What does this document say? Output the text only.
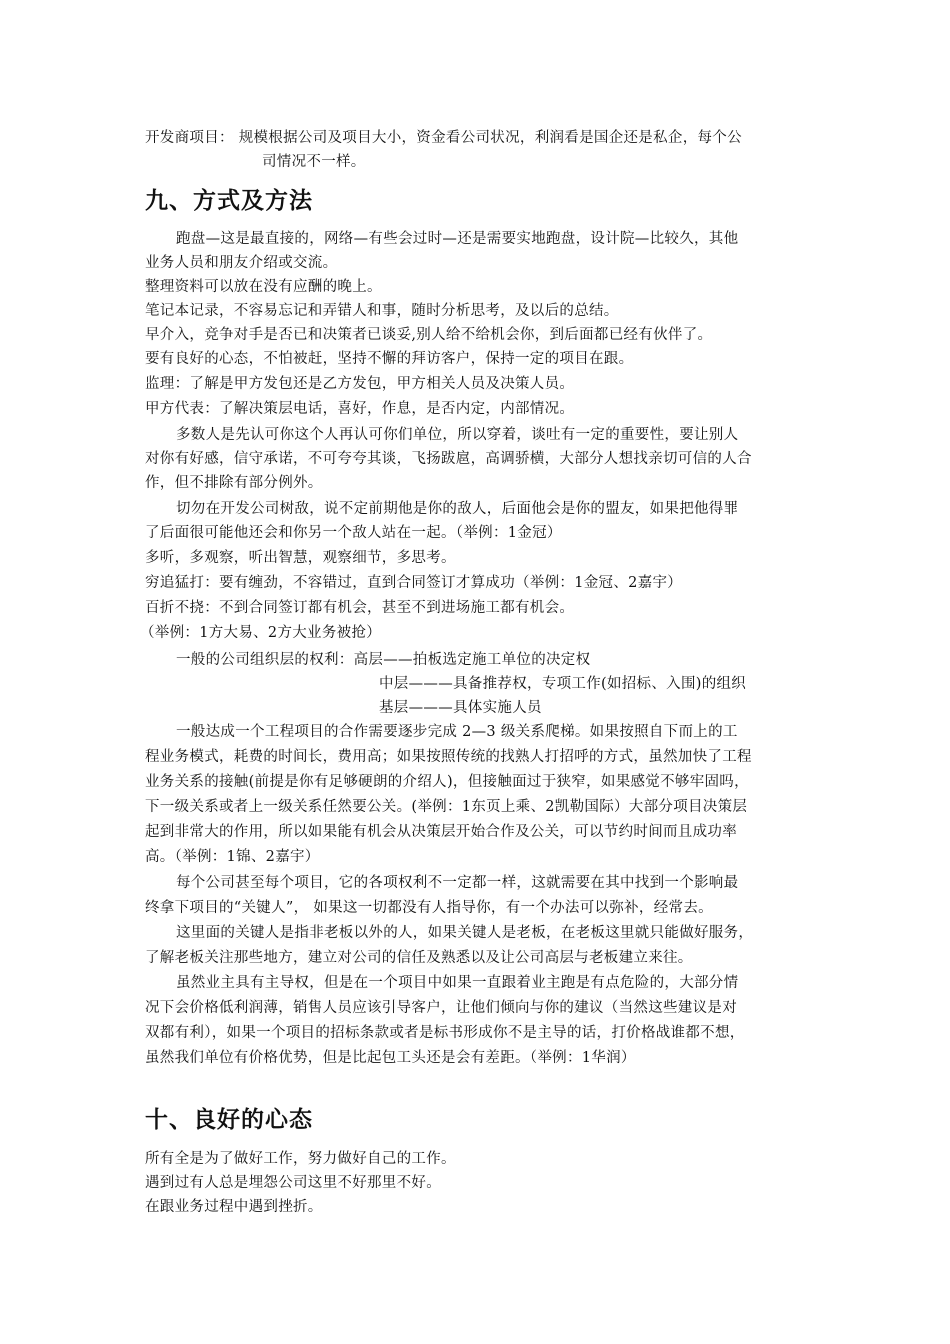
开发商项目： 规模根据公司及项目大小，资金看公司状况，利润看是国企还是私企，每个公
司情况不一样。
九、方式及方法
跑盘—这是最直接的，网络—有些会过时—还是需要实地跑盘，设计院—比较久，其他
业务人员和朋友介绍或交流。
整理资料可以放在没有应酬的晚上。
笔记本记录，不容易忘记和弄错人和事，随时分析思考，及以后的总结。
早介入，竞争对手是否已和决策者已谈妥,别人给不给机会你，到后面都已经有伙伴了。
要有良好的心态，不怕被赶，坚持不懈的拜访客户，保持一定的项目在跟。
监理：了解是甲方发包还是乙方发包，甲方相关人员及决策人员。
甲方代表：了解决策层电话，喜好，作息，是否内定，内部情况。
多数人是先认可你这个人再认可你们单位，所以穿着，谈吐有一定的重要性，要让别人
对你有好感，信守承诺，不可夸夸其谈，飞扬跋扈，高调骄横，大部分人想找亲切可信的人合
作，但不排除有部分例外。
切勿在开发公司树敌，说不定前期他是你的敌人，后面他会是你的盟友，如果把他得罪
了后面很可能他还会和你另一个敌人站在一起。（举例：1金冠）
多听，多观察，听出智慧，观察细节，多思考。
穷追猛打：要有缠劲，不容错过，直到合同签订才算成功（举例：1金冠、2嘉宇）
百折不挠：不到合同签订都有机会，甚至不到进场施工都有机会。
（举例：1方大易、2方大业务被抢）
一般的公司组织层的权利：高层——拍板选定施工单位的决定权
中层———具备推荐权，专项工作(如招标、入围)的组织
基层———具体实施人员
一般达成一个工程项目的合作需要逐步完成 2—3 级关系爬梯。如果按照自下而上的工
程业务模式，耗费的时间长，费用高；如果按照传统的找熟人打招呼的方式，虽然加快了工程
业务关系的接触(前提是你有足够硬朗的介绍人)，但接触面过于狭窄，如果感觉不够牢固吗，
下一级关系或者上一级关系任然要公关。(举例：1东页上乘、2凯勒国际）大部分项目决策层
起到非常大的作用，所以如果能有机会从决策层开始合作及公关，可以节约时间而且成功率
高。（举例：1锦、2嘉宇）
每个公司甚至每个项目，它的各项权利不一定都一样，这就需要在其中找到一个影响最
终拿下项目的“关键人”， 如果这一切都没有人指导你，有一个办法可以弥补，经常去。
这里面的关键人是指非老板以外的人，如果关键人是老板，在老板这里就只能做好服务，
了解老板关注那些地方，建立对公司的信任及熟悉以及让公司高层与老板建立来往。
虽然业主具有主导权，但是在一个项目中如果一直跟着业主跑是有点危险的，大部分情
况下会价格低利润薄，销售人员应该引导客户，让他们倾向与你的建议（当然这些建议是对
双都有利），如果一个项目的招标条款或者是标书形成你不是主导的话，打价格战谁都不想，
虽然我们单位有价格优势，但是比起包工头还是会有差距。（举例：1华润）
十、良好的心态
所有全是为了做好工作，努力做好自己的工作。
遇到过有人总是埋怨公司这里不好那里不好。
在跟业务过程中遇到挫折。
